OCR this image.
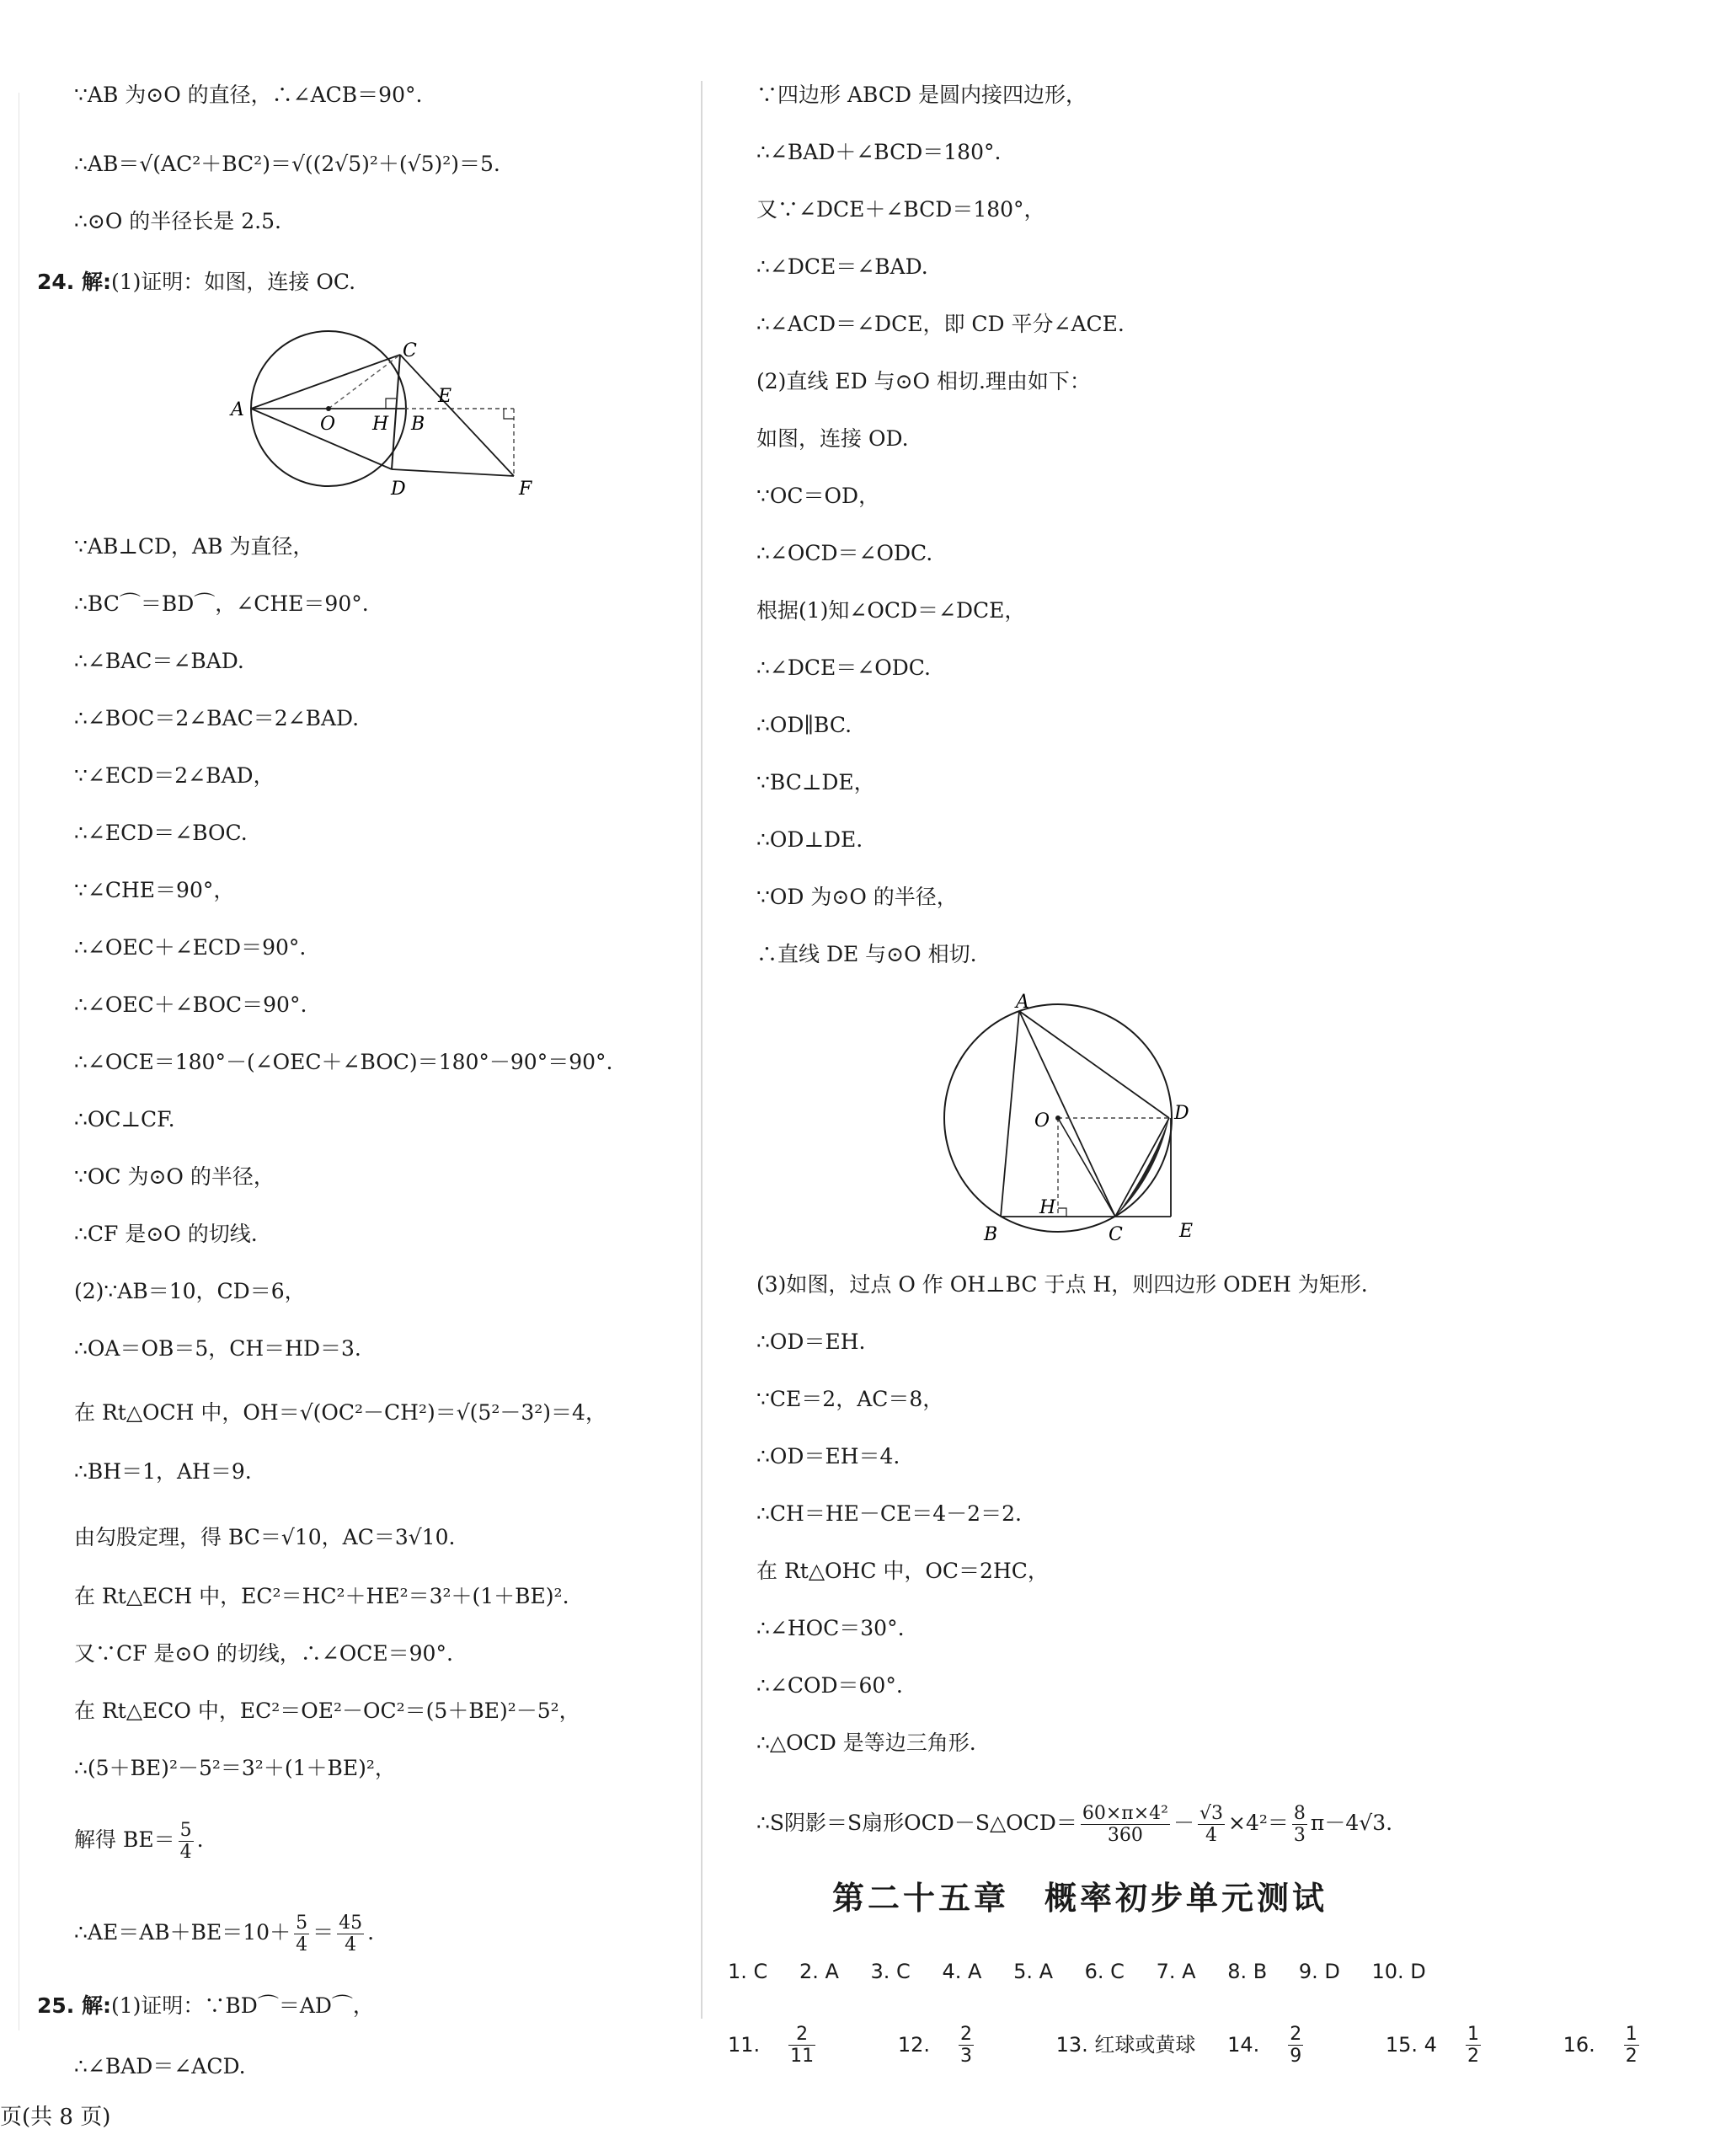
∵AB 为⊙O 的直径，∴∠ACB＝90°.
∴AB＝√(AC²＋BC²)＝√((2√5)²＋(√5)²)＝5.
∴⊙O 的半径长是 2.5.
24. 解:(1)证明：如图，连接 OC.
A
O H B
C
D
E
F
∵AB⊥CD，AB 为直径，
∴BC⌒＝BD⌒，∠CHE＝90°.
∴∠BAC＝∠BAD.
∴∠BOC＝2∠BAC＝2∠BAD.
∵∠ECD＝2∠BAD，
∴∠ECD＝∠BOC.
∵∠CHE＝90°，
∴∠OEC＋∠ECD＝90°.
∴∠OEC＋∠BOC＝90°.
∴∠OCE＝180°－(∠OEC＋∠BOC)＝180°－90°＝90°.
∴OC⊥CF.
∵OC 为⊙O 的半径，
∴CF 是⊙O 的切线.
(2)∵AB＝10，CD＝6，
∴OA＝OB＝5，CH＝HD＝3.
在 Rt△OCH 中，OH＝√(OC²－CH²)＝√(5²－3²)＝4，
∴BH＝1，AH＝9.
由勾股定理，得 BC＝√10，AC＝3√10.
在 Rt△ECH 中，EC²＝HC²＋HE²＝3²＋(1＋BE)².
又∵CF 是⊙O 的切线，∴∠OCE＝90°.
在 Rt△ECO 中，EC²＝OE²－OC²＝(5＋BE)²－5²，
∴(5＋BE)²－5²＝3²＋(1＋BE)²，
解得 $BE= \frac{5}{4}$ .
∴AE＝AB＋BE＝10＋ $\frac{5}{4} = \frac{45}{4}$ .
25. 解:(1)证明：∵BD⌒＝AD⌒，
∴∠BAD＝∠ACD.
∵四边形 ABCD 是圆内接四边形，
∴∠BAD＋∠BCD＝180°.
又∵∠DCE＋∠BCD＝180°，
∴∠DCE＝∠BAD.
∴∠ACD＝∠DCE，即 CD 平分∠ACE.
(2)直线 ED 与⊙O 相切.理由如下：
如图，连接 OD.
∵OC＝OD，
∴∠OCD＝∠ODC.
根据(1)知∠OCD＝∠DCE，
∴∠DCE＝∠ODC.
∴OD∥BC.
∵BC⊥DE，
∴OD⊥DE.
∵OD 为⊙O 的半径，
∴直线 DE 与⊙O 相切.
A
O	D
H
B	C	E
(3)如图，过点 O 作 OH⊥BC 于点 H，则四边形 ODEH 为矩形.
∴OD＝EH.
∵CE＝2，AC＝8，
∴OD＝EH＝4.
∴CH＝HE－CE＝4－2＝2.
在 Rt△OHC 中，OC＝2HC，
∴∠HOC＝30°.
∴∠COD＝60°.
∴△OCD 是等边三角形.
∴S阴影＝S扇形OCD－S△OCD＝ $\frac{\text{60×π×4²}}{360} - \frac{√3}{4} \times 4^2= \frac{8}{3} \pi-4√3$.
第二十五章　概率初步单元测试
1. C 2. A 3. C 4. A 5. A 6. C 7. A 8. B 9. D 10. D
11. $\frac{2}{11}$	12. $\frac{2}{3}$	13. 红球或黄球 14. $\frac{2}{9}$	15. $4 \frac{1}{2}$	16. $\frac{1}{2}$
页(共 8 页)
